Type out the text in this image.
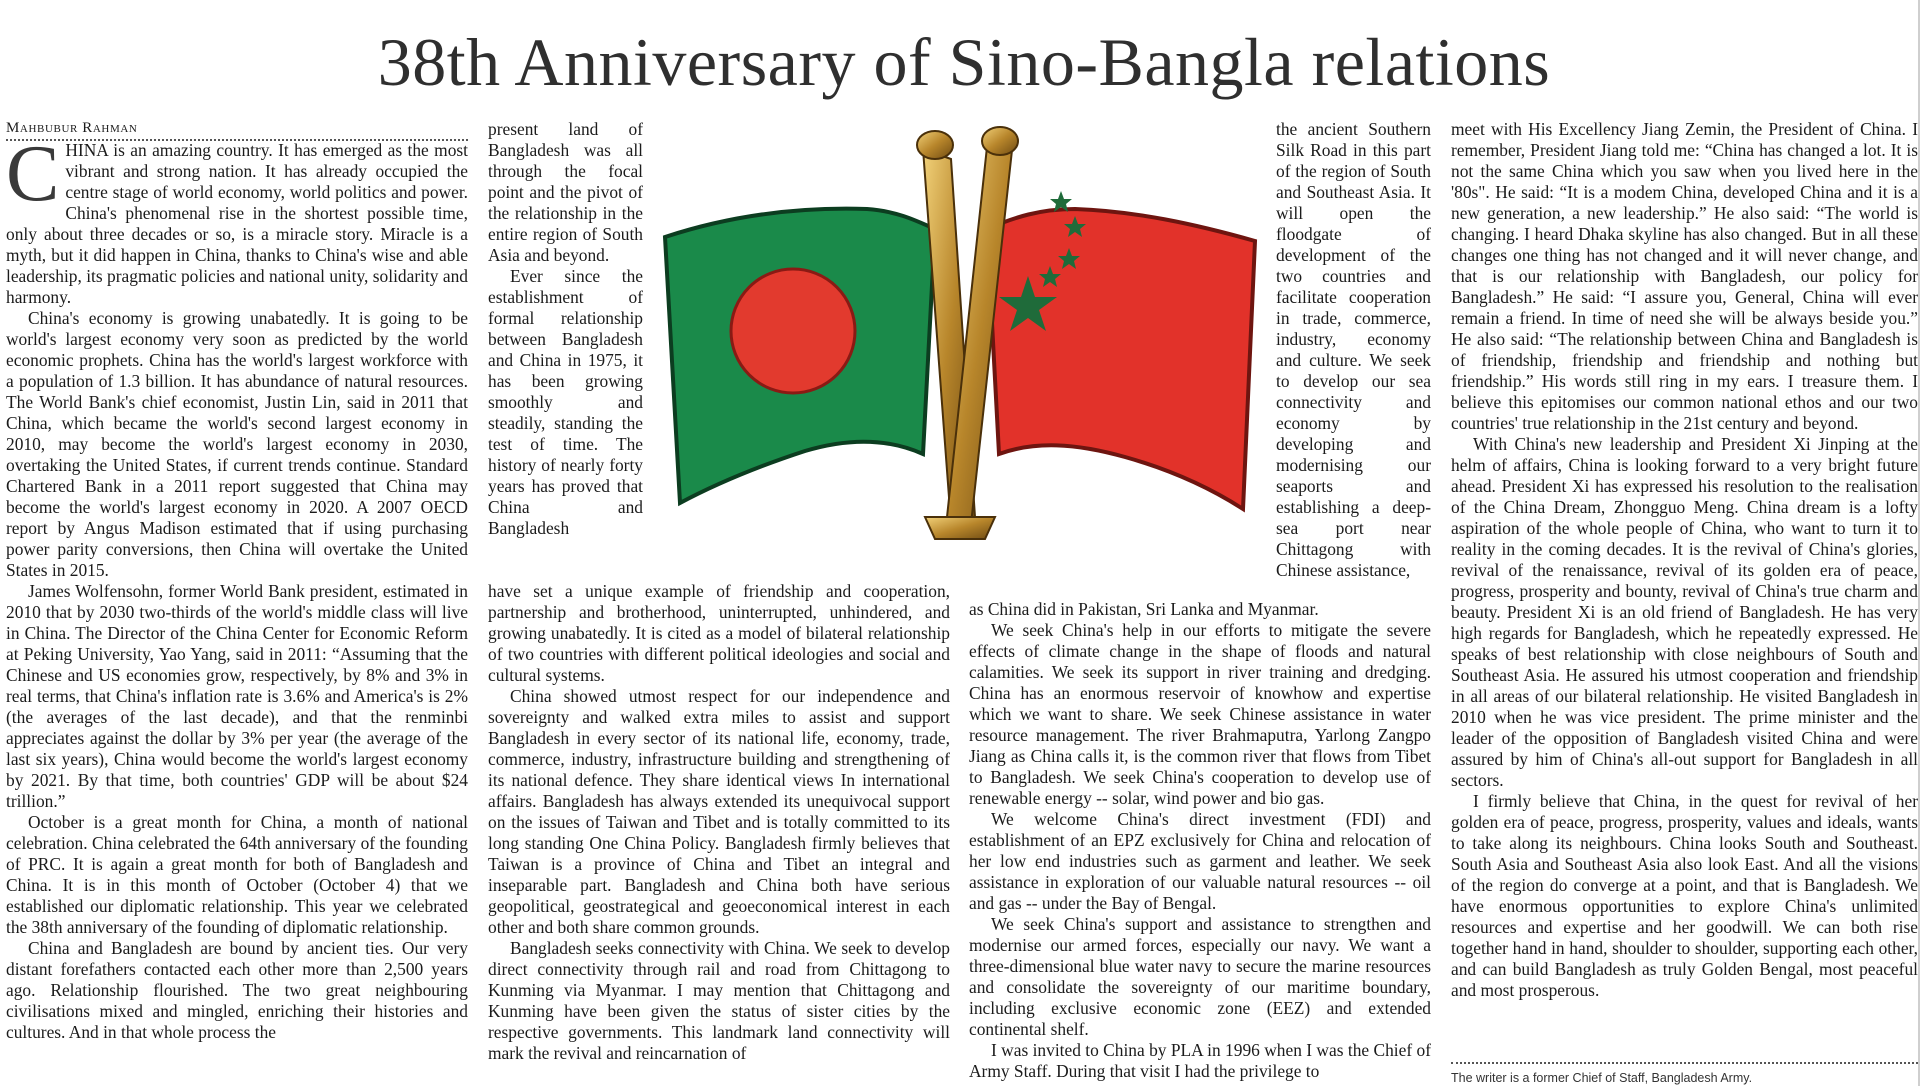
38th Anniversary of Sino-Bangla relations
Mahbubur Rahman

CHINA is an amazing country. It has emerged as the most vibrant and strong nation. It has already occupied the centre stage of world economy, world politics and power. China's phenomenal rise in the shortest possible time, only about three decades or so, is a miracle story. Miracle is a myth, but it did happen in China, thanks to China's wise and able leadership, its pragmatic policies and national unity, solidarity and harmony.

China's economy is growing unabatedly. It is going to be world's largest economy very soon as predicted by the world economic prophets. China has the world's largest workforce with a population of 1.3 billion. It has abundance of natural resources. The World Bank's chief economist, Justin Lin, said in 2011 that China, which became the world's second largest economy in 2010, may become the world's largest economy in 2030, overtaking the United States, if current trends continue. Standard Chartered Bank in a 2011 report suggested that China may become the world's largest economy in 2020. A 2007 OECD report by Angus Madison estimated that if using purchasing power parity conversions, then China will overtake the United States in 2015.

James Wolfensohn, former World Bank president, estimated in 2010 that by 2030 two-thirds of the world's middle class will live in China. The Director of the China Center for Economic Reform at Peking University, Yao Yang, said in 2011: “Assuming that the Chinese and US economies grow, respectively, by 8% and 3% in real terms, that China's inflation rate is 3.6% and America's is 2% (the averages of the last decade), and that the renminbi appreciates against the dollar by 3% per year (the average of the last six years), China would become the world's largest economy by 2021. By that time, both countries' GDP will be about $24 trillion.”

October is a great month for China, a month of national celebration. China celebrated the 64th anniversary of the founding of PRC. It is again a great month for both of Bangladesh and China. It is in this month of October (October 4) that we established our diplomatic relationship. This year we celebrated the 38th anniversary of the founding of diplomatic relationship.

China and Bangladesh are bound by ancient ties. Our very distant forefathers contacted each other more than 2,500 years ago. Relationship flourished. The two great neighbouring civilisations mixed and mingled, enriching their histories and cultures. And in that whole process the

present land of Bangladesh was all through the focal point and the pivot of the relationship in the entire region of South Asia and beyond.

Ever since the establishment of formal relationship between Bangladesh and China in 1975, it has been growing smoothly and steadily, standing the test of time. The history of nearly forty years has proved that China and Bangladesh

the ancient Southern Silk Road in this part of the region of South and Southeast Asia. It will open the floodgate of development of the two countries and facilitate cooperation in trade, commerce, industry, economy and culture. We seek to develop our sea connectivity and economy by developing and modernising our seaports and establishing a deep-sea port near Chittagong with Chinese assistance,

have set a unique example of friendship and cooperation, partnership and brotherhood, uninterrupted, unhindered, and growing unabatedly. It is cited as a model of bilateral relationship of two countries with different political ideologies and social and cultural systems.

China showed utmost respect for our independence and sovereignty and walked extra miles to assist and support Bangladesh in every sector of its national life, economy, trade, commerce, industry, infrastructure building and strengthening of its national defence. They share identical views In international affairs. Bangladesh has always extended its unequivocal support on the issues of Taiwan and Tibet and is totally committed to its long standing One China Policy. Bangladesh firmly believes that Taiwan is a province of China and Tibet an integral and inseparable part. Bangladesh and China both have serious geopolitical, geostrategical and geoeconomical interest in each other and both share common grounds.

Bangladesh seeks connectivity with China. We seek to develop direct connectivity through rail and road from Chittagong to Kunming via Myanmar. I may mention that Chittagong and Kunming have been given the status of sister cities by the respective governments. This landmark land connectivity will mark the revival and reincarnation of

as China did in Pakistan, Sri Lanka and Myanmar.

We seek China's help in our efforts to mitigate the severe effects of climate change in the shape of floods and natural calamities. We seek its support in river training and dredging. China has an enormous reservoir of knowhow and expertise which we want to share. We seek Chinese assistance in water resource management. The river Brahmaputra, Yarlong Zangpo Jiang as China calls it, is the common river that flows from Tibet to Bangladesh. We seek China's cooperation to develop use of renewable energy -- solar, wind power and bio gas.

We welcome China's direct investment (FDI) and establishment of an EPZ exclusively for China and relocation of her low end industries such as garment and leather. We seek assistance in exploration of our valuable natural resources -- oil and gas -- under the Bay of Bengal.

We seek China's support and assistance to strengthen and modernise our armed forces, especially our navy. We want a three-dimensional blue water navy to secure the marine resources and consolidate the sovereignty of our maritime boundary, including exclusive economic zone (EEZ) and extended continental shelf.

I was invited to China by PLA in 1996 when I was the Chief of Army Staff. During that visit I had the privilege to

meet with His Excellency Jiang Zemin, the President of China. I remember, President Jiang told me: “China has changed a lot. It is not the same China which you saw when you lived here in the '80s". He said: “It is a modem China, developed China and it is a new generation, a new leadership.” He also said: “The world is changing. I heard Dhaka skyline has also changed. But in all these changes one thing has not changed and it will never change, and that is our relationship with Bangladesh, our policy for Bangladesh.” He said: “I assure you, General, China will ever remain a friend. In time of need she will be always beside you.” He also said: “The relationship between China and Bangladesh is of friendship, friendship and friendship and nothing but friendship.” His words still ring in my ears. I treasure them. I believe this epitomises our common national ethos and our two countries' true relationship in the 21st century and beyond.

With China's new leadership and President Xi Jinping at the helm of affairs, China is looking forward to a very bright future ahead. President Xi has expressed his resolution to the realisation of the China Dream, Zhongguo Meng. China dream is a lofty aspiration of the whole people of China, who want to turn it to reality in the coming decades. It is the revival of China's glories, revival of the renaissance, revival of its golden era of peace, progress, prosperity and bounty, revival of China's true charm and beauty. President Xi is an old friend of Bangladesh. He has very high regards for Bangladesh, which he repeatedly expressed. He speaks of best relationship with close neighbours of South and Southeast Asia. He assured his utmost cooperation and friendship in all areas of our bilateral relationship. He visited Bangladesh in 2010 when he was vice president. The prime minister and the leader of the opposition of Bangladesh visited China and were assured by him of China's all-out support for Bangladesh in all sectors.

I firmly believe that China, in the quest for revival of her golden era of peace, progress, prosperity, values and ideals, wants to take along its neighbours. China looks South and Southeast. South Asia and Southeast Asia also look East. And all the visions of the region do converge at a point, and that is Bangladesh. We have enormous opportunities to explore China's unlimited resources and expertise and her goodwill. We can both rise together hand in hand, shoulder to shoulder, supporting each other, and can build Bangladesh as truly Golden Bengal, most peaceful and most prosperous.

The writer is a former Chief of Staff, Bangladesh Army.
